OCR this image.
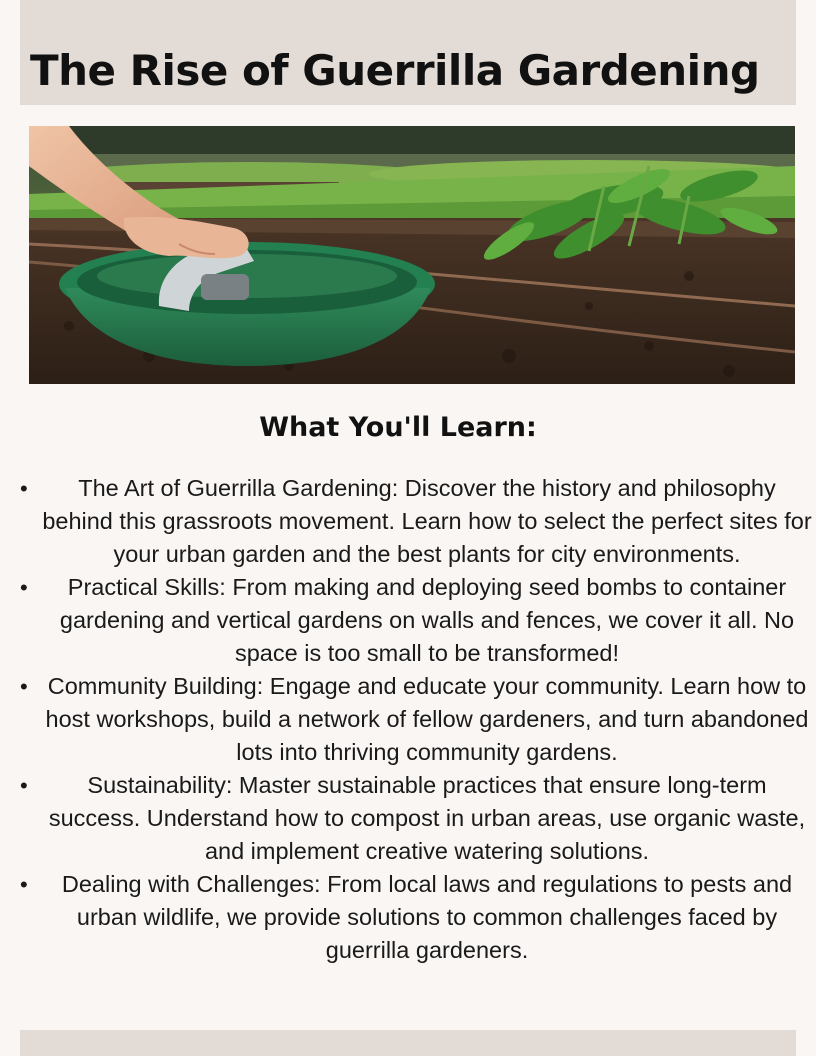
The Rise of Guerrilla Gardening
What You'll Learn:
• The Art of Guerrilla Gardening: Discover the history and philosophy behind this grassroots movement. Learn how to select the perfect sites for your urban garden and the best plants for city environments.
• Practical Skills: From making and deploying seed bombs to container gardening and vertical gardens on walls and fences, we cover it all. No space is too small to be transformed!
• Community Building: Engage and educate your community. Learn how to host workshops, build a network of fellow gardeners, and turn abandoned lots into thriving community gardens.
•	Sustainability: Master sustainable practices that ensure long-term success. Understand how to compost in urban areas, use organic waste, and implement creative watering solutions.
• Dealing with Challenges: From local laws and regulations to pests and urban wildlife, we provide solutions to common challenges faced by guerrilla gardeners.
